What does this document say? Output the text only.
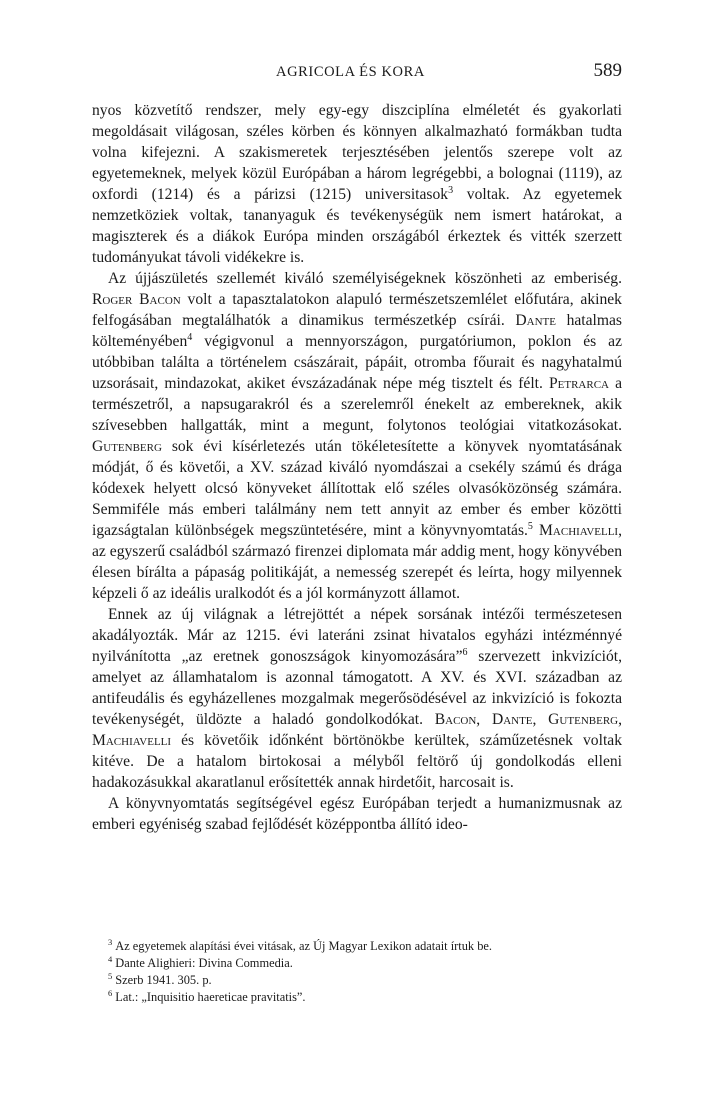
AGRICOLA ÉS KORA	589

nyos közvetítő rendszer, mely egy-egy diszciplína elméletét és gyakorlati megoldásait világosan, széles körben és könnyen alkalmazható formákban tudta volna kifejezni. A szakismeretek terjesztésében jelentős szerepe volt az egyetemeknek, melyek közül Európában a három legrégebbi, a bolognai (1119), az oxfordi (1214) és a párizsi (1215) universitasok$^3$ voltak. Az egyetemek nemzetköziek voltak, tananyaguk és tevékenységük nem ismert határokat, a magiszterek és a diákok Európa minden országából érkeztek és vitték szerzett tudományukat távoli vidékekre is.

Az újjászületés szellemét kiváló személyiségeknek köszönheti az emberiség. Roger Bacon volt a tapasztalatokon alapuló természetszemlélet előfutára, akinek felfogásában megtalálhatók a dinamikus természetkép csírái. Dante hatalmas költeményében$^4$ végigvonul a mennyországon, purgatóriumon, poklon és az utóbbiban találta a történelem császárait, pápáit, otromba főurait és nagyhatalmú uzsorásait, mindazokat, akiket évszázadának népe még tisztelt és félt. Petrarca a természetről, a napsugarakról és a szerelemről énekelt az embereknek, akik szívesebben hallgatták, mint a megunt, folytonos teológiai vitatkozásokat. Gutenberg sok évi kísérletezés után tökéletesítette a könyvek nyomtatásának módját, ő és követői, a XV. század kiváló nyomdászai a csekély számú és drága kódexek helyett olcsó könyveket állítottak elő széles olvasóközönség számára. Semmiféle más emberi találmány nem tett annyit az ember és ember közötti igazságtalan különbségek megszüntetésére, mint a könyvnyomtatás.$^5$ Machiavelli, az egyszerű családból származó firenzei diplomata már addig ment, hogy könyvében élesen bírálta a pápaság politikáját, a nemesség szerepét és leírta, hogy milyennek képzeli ő az ideális uralkodót és a jól kormányzott államot.

Ennek az új világnak a létrejöttét a népek sorsának intézői természetesen akadályozták. Már az 1215. évi lateráni zsinat hivatalos egyházi intézménnyé nyilvánította „az eretnek gonoszságok kinyomozására”$^6$ szervezett inkvizíciót, amelyet az államhatalom is azonnal támogatott. A XV. és XVI. században az antifeudális és egyházellenes mozgalmak megerősödésével az inkvizíció is fokozta tevékenységét, üldözte a haladó gondolkodókat. Bacon, Dante, Gutenberg, Machiavelli és követőik időnként börtönökbe kerültek, száműzetésnek voltak kitéve. De a hatalom birtokosai a mélyből feltörő új gondolkodás elleni hadakozásukkal akaratlanul erősítették annak hirdetőit, harcosait is.

A könyvnyomtatás segítségével egész Európában terjedt a humanizmusnak az emberi egyéniség szabad fejlődését középpontba állító ideo-

$^3$ Az egyetemek alapítási évei vitásak, az Új Magyar Lexikon adatait írtuk be.
$^4$ Dante Alighieri: Divina Commedia.
$^5$ Szerb 1941. 305. p.
$^6$ Lat.: „Inquisitio haereticae pravitatis”.
